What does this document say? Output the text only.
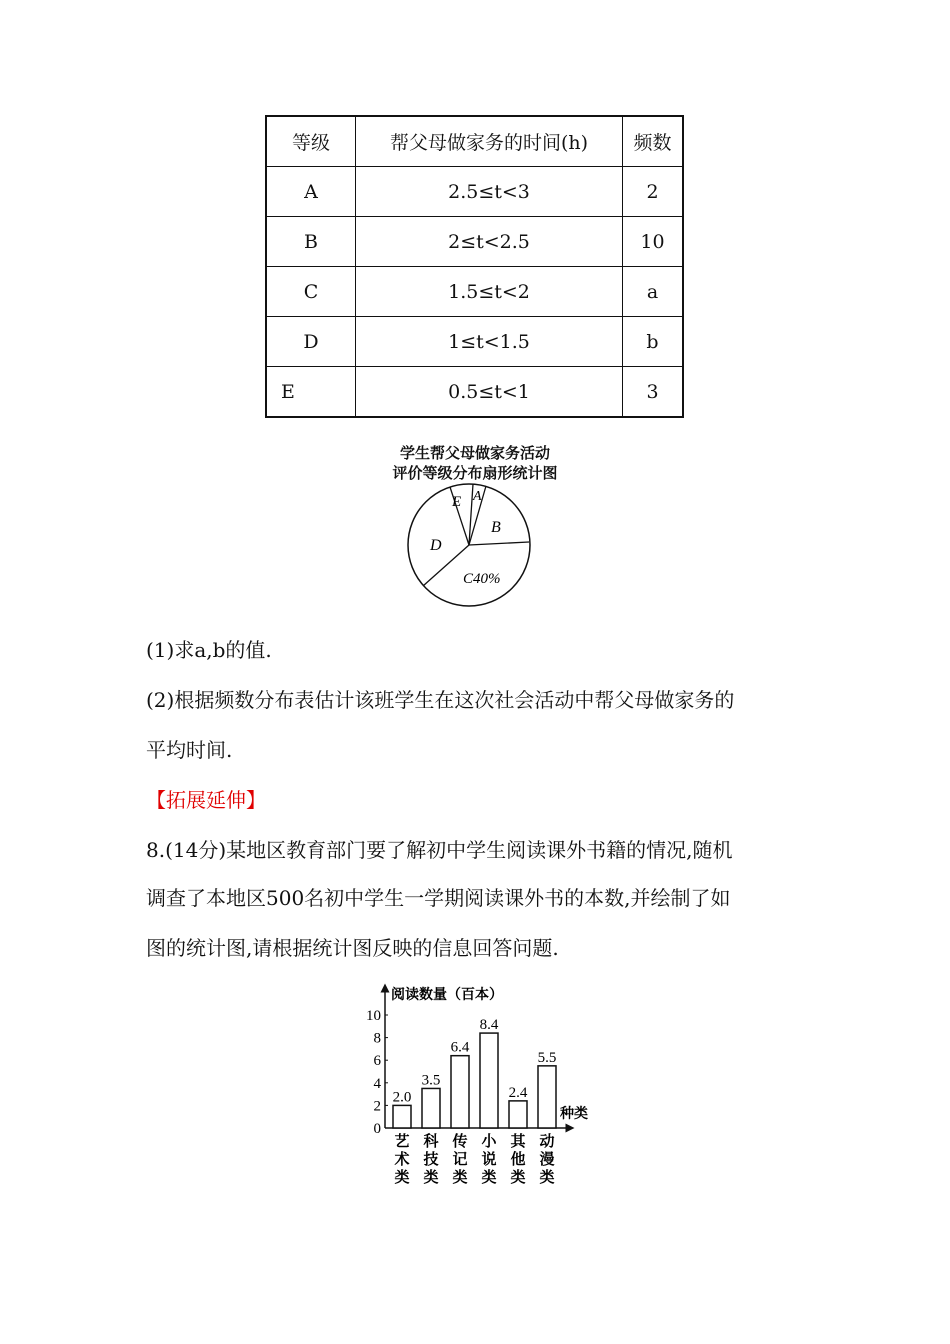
等级	帮父母做家务的时间(h)	频数
A	2.5≤t<3	2
B	2≤t<2.5	10
C	1.5≤t<2	a
D	1≤t<1.5	b
E	0.5≤t<1	3
学生帮父母做家务活动
评价等级分布扇形统计图
A
B
C40%
D
E
(1)求a,b的值.
(2)根据频数分布表估计该班学生在这次社会活动中帮父母做家务的
平均时间.
【拓展延伸】
8.(14分)某地区教育部门要了解初中学生阅读课外书籍的情况,随机
调查了本地区500名初中学生一学期阅读课外书的本数,并绘制了如
图的统计图,请根据统计图反映的信息回答问题.
阅读数量（百本）
种类
0
2
4
6
8
10
2.0
艺术类
3.5
科技类
6.4
传记类
8.4
小说类
2.4
其他类
5.5
动漫类
